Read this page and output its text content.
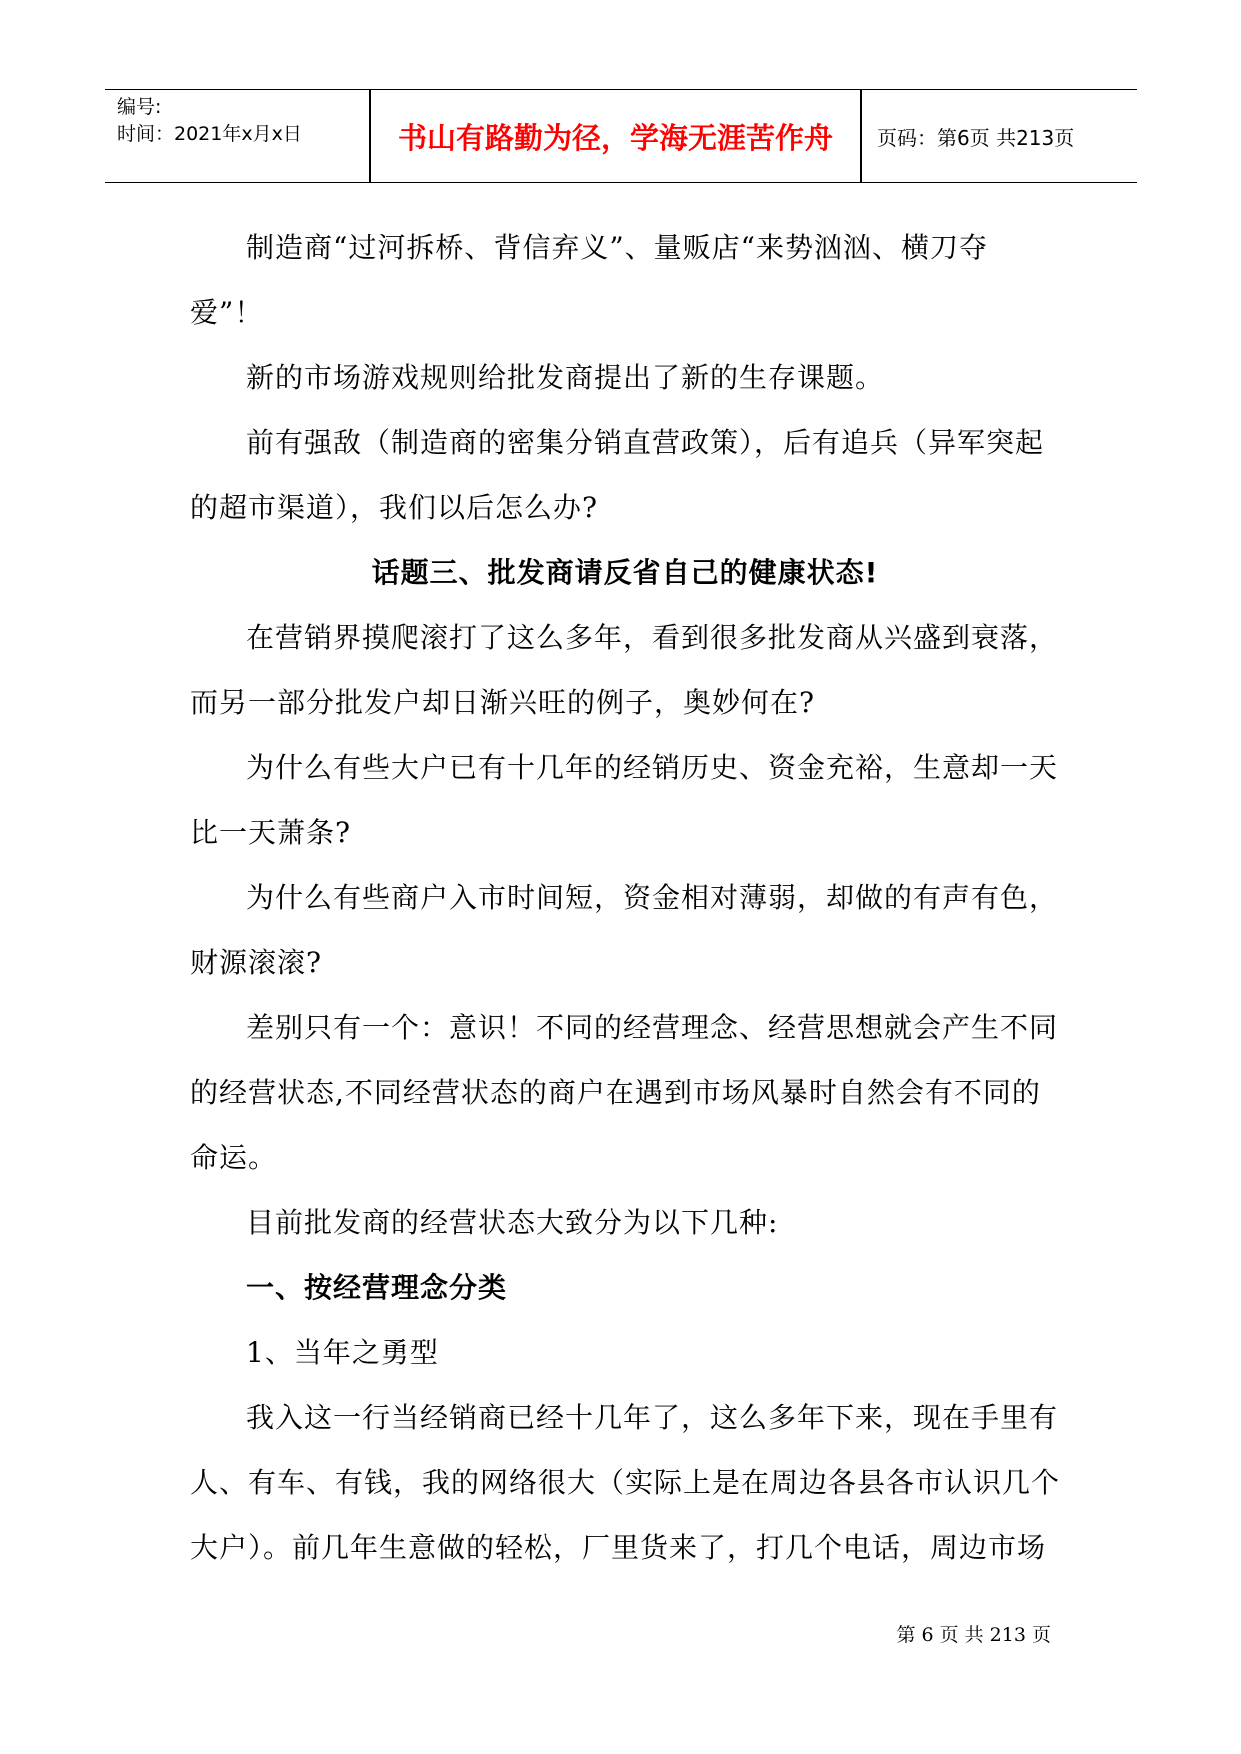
编号:
时间：2021年x月x日	书山有路勤为径，学海无涯苦作舟	页码：第6页 共213页

制造商“过河拆桥、背信弃义”、量贩店“来势汹汹、横刀夺爱”！

新的市场游戏规则给批发商提出了新的生存课题。

前有强敌（制造商的密集分销直营政策），后有追兵（异军突起的超市渠道），我们以后怎么办?

话题三、批发商请反省自己的健康状态!

在营销界摸爬滚打了这么多年，看到很多批发商从兴盛到衰落，而另一部分批发户却日渐兴旺的例子，奥妙何在?

为什么有些大户已有十几年的经销历史、资金充裕，生意却一天比一天萧条?

为什么有些商户入市时间短，资金相对薄弱，却做的有声有色，财源滚滚?

差别只有一个：意识！不同的经营理念、经营思想就会产生不同的经营状态,不同经营状态的商户在遇到市场风暴时自然会有不同的命运。

目前批发商的经营状态大致分为以下几种:

一、按经营理念分类

1、当年之勇型

我入这一行当经销商已经十几年了，这么多年下来，现在手里有人、有车、有钱，我的网络很大（实际上是在周边各县各市认识几个大户）。前几年生意做的轻松，厂里货来了，打几个电话，周边市场

第 6 页 共 213 页
